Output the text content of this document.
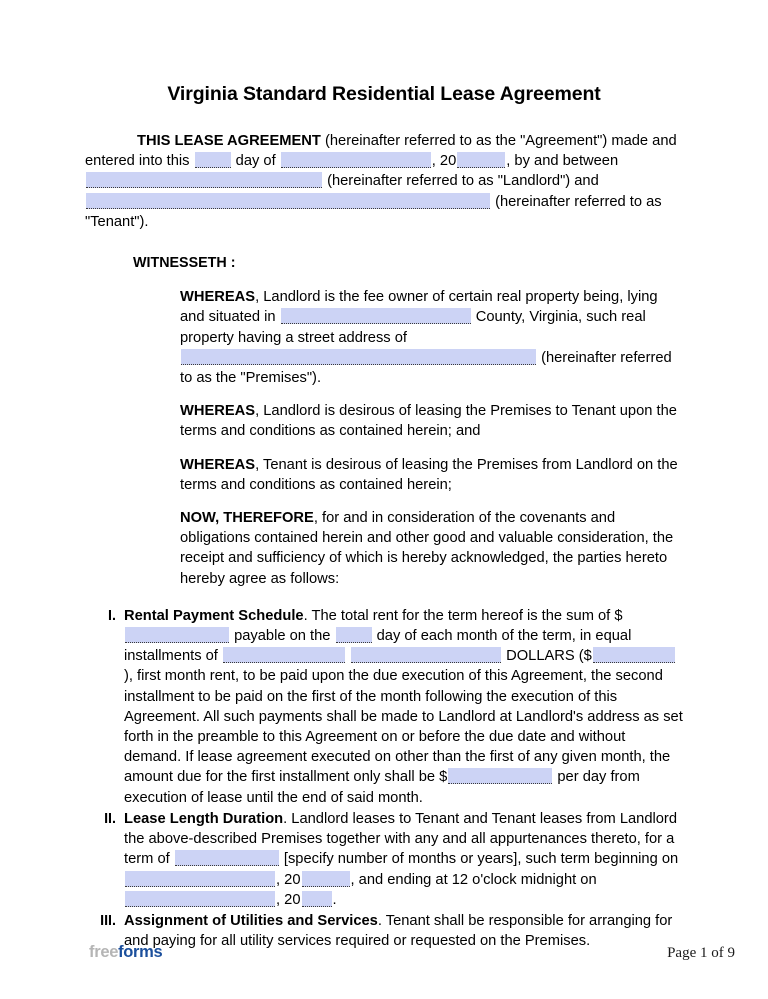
Virginia Standard Residential Lease Agreement

THIS LEASE AGREEMENT (hereinafter referred to as the "Agreement") made and entered into this	day of	, 20	, by and between  (hereinafter referred to as "Landlord") and  (hereinafter referred to as "Tenant").

WITNESSETH :

WHEREAS, Landlord is the fee owner of certain real property being, lying and situated in	County, Virginia, such real property having a street address of  (hereinafter referred to as the "Premises").

WHEREAS, Landlord is desirous of leasing the Premises to Tenant upon the terms and conditions as contained herein; and

WHEREAS, Tenant is desirous of leasing the Premises from Landlord on the terms and conditions as contained herein;

NOW, THEREFORE, for and in consideration of the covenants and obligations contained herein and other good and valuable consideration, the receipt and sufficiency of which is hereby acknowledged, the parties hereto hereby agree as follows:

I. Rental Payment Schedule. The total rent for the term hereof is the sum of $ payable on the	day of each month of the term, in equal installments of	DOLLARS ($), first month rent, to be paid upon the due execution of this Agreement, the second installment to be paid on the first of the month following the execution of this Agreement. All such payments shall be made to Landlord at Landlord's address as set forth in the preamble to this Agreement on or before the due date and without demand. If lease agreement executed on other than the first of any given month, the amount due for the first installment only shall be $	per day from execution of lease until the end of said month.

II. Lease Length Duration. Landlord leases to Tenant and Tenant leases from Landlord the above-described Premises together with any and all appurtenances thereto, for a term of	[specify number of months or years], such term beginning on , 20	, and ending at 12 o'clock midnight on , 20 .

III. Assignment of Utilities and Services. Tenant shall be responsible for arranging for and paying for all utility services required or requested on the Premises.

freeforms	Page 1 of 9
